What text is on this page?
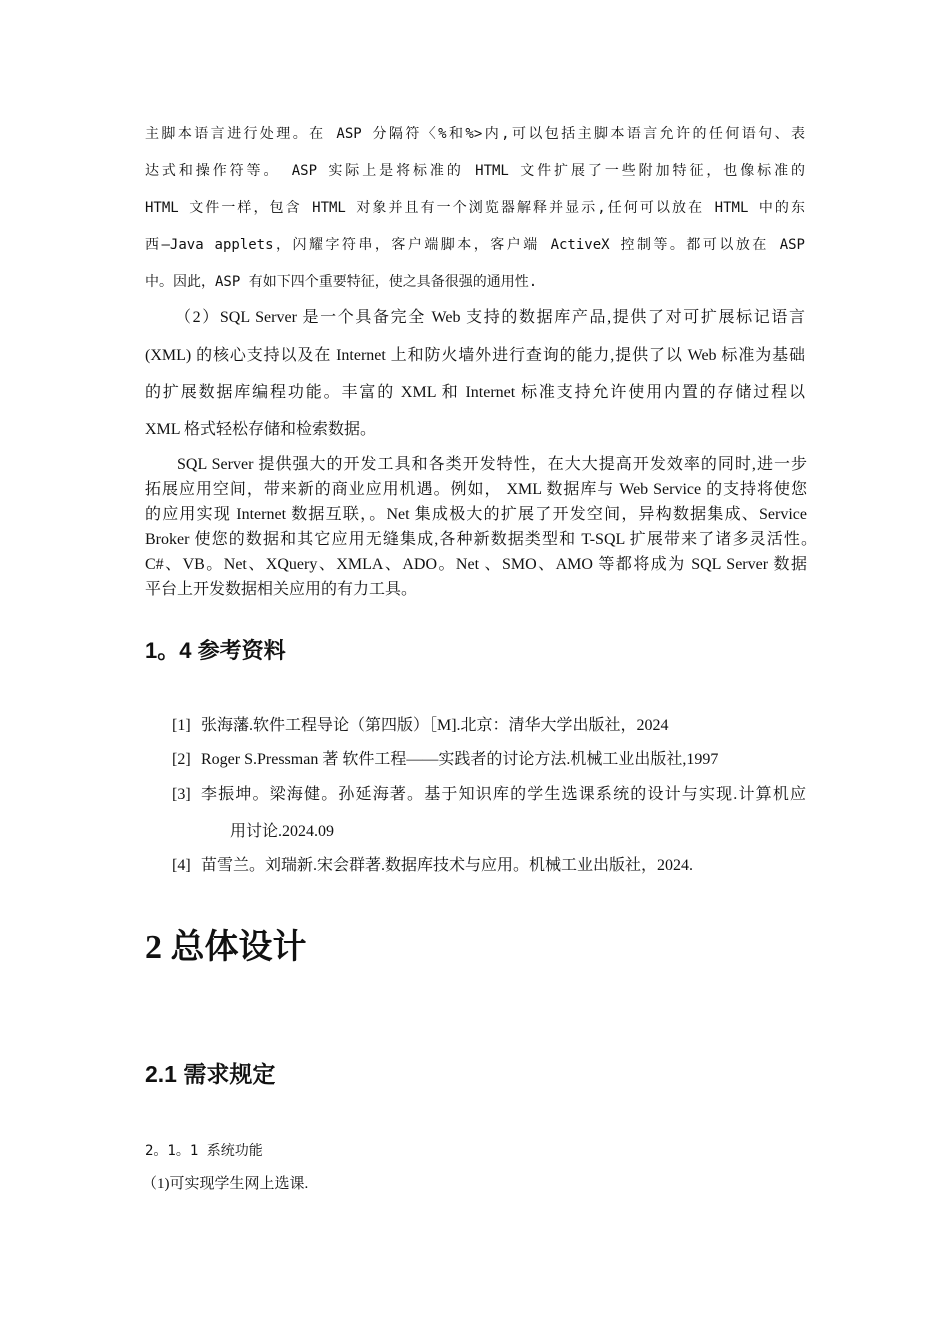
主脚本语言进行处理。在 ASP 分隔符〈%和%>内,可以包括主脚本语言允许的任何语句、表
达式和操作符等。 ASP 实际上是将标准的 HTML 文件扩展了一些附加特征，也像标准的
HTML 文件一样，包含 HTML 对象并且有一个浏览器解释并显示,任何可以放在 HTML 中的东
西—Java applets，闪耀字符串，客户端脚本，客户端 ActiveX 控制等。都可以放在 ASP
中。因此，ASP 有如下四个重要特征，使之具备很强的通用性.
（2）SQL Server 是一个具备完全 Web 支持的数据库产品,提供了对可扩展标记语言
(XML) 的核心支持以及在 Internet 上和防火墙外进行查询的能力,提供了以 Web 标准为基础
的扩展数据库编程功能。丰富的 XML 和 Internet 标准支持允许使用内置的存储过程以
XML 格式轻松存储和检索数据。
SQL Server 提供强大的开发工具和各类开发特性，在大大提高开发效率的同时,进一步
拓展应用空间，带来新的商业应用机遇。例如， XML 数据库与 Web Service 的支持将使您
的应用实现 Internet 数据互联，。Net 集成极大的扩展了开发空间，异构数据集成、Service
Broker 使您的数据和其它应用无缝集成,各种新数据类型和 T-SQL 扩展带来了诸多灵活性。
C#、VB。Net、XQuery、XMLA、ADO。Net 、SMO、AMO 等都将成为 SQL Server 数据
平台上开发数据相关应用的有力工具。
1。4 参考资料
[1] 张海藩.软件工程导论（第四版）［M].北京：清华大学出版社，2024
[2] Roger S.Pressman 著 软件工程——实践者的讨论方法.机械工业出版社,1997
[3] 李振坤。梁海健。孙延海著。基于知识库的学生选课系统的设计与实现.计算机应
用讨论.2024.09
[4] 苗雪兰。刘瑞新.宋会群著.数据库技术与应用。机械工业出版社，2024.
2 总体设计
2.1 需求规定
2。1。1 系统功能
（1)可实现学生网上选课.
